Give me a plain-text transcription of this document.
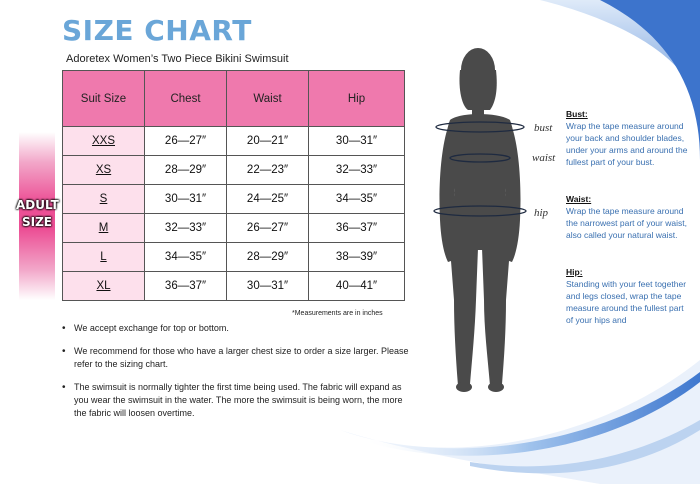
SIZE CHART
Adoretex Women’s Two Piece Bikini Swimsuit
ADULT
SIZE
Suit Size	Chest	Waist	Hip
XXS	26—27″	20—21″	30—31″
XS	28—29″	22—23″	32—33″
S	30—31″	24—25″	34—35″
M	32—33″	26—27″	36—37″
L	34—35″	28—29″	38—39″
XL	36—37″	30—31″	40—41″
*Measurements are in inches
• We accept exchange for top or bottom.
• We recommend for those who have a larger chest size to order a size larger. Please refer to the sizing chart.
• The swimsuit is normally tighter the first time being used. The fabric will expand as you wear the swimsuit in the water. The more the swimsuit is being worn, the more the fabric will loosen overtime.
bust
waist
hip
Bust:
Wrap the tape measure around your back and shoulder blades, under your arms and around the fullest part of your bust.
Waist:
Wrap the tape measure around the narrowest part of your waist, also called your natural waist.
Hip:
Standing with your feet together and legs closed, wrap the tape measure around the fullest part of your hips and
